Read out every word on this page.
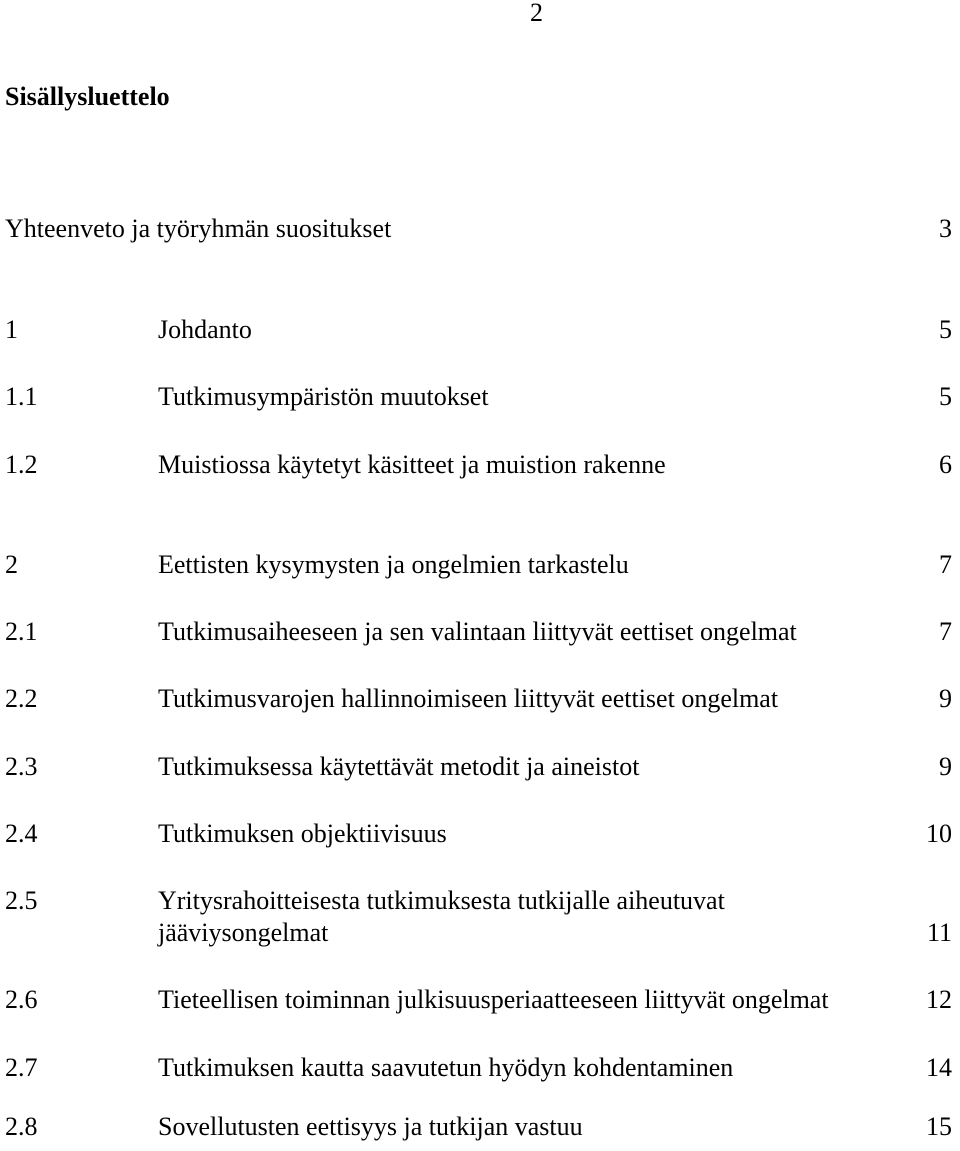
2
Sisällysluettelo
Yhteenveto ja työryhmän suositukset	3
1	Johdanto	5
1.1	Tutkimusympäristön muutokset	5
1.2	Muistiossa käytetyt käsitteet ja muistion rakenne	6
2	Eettisten kysymysten ja ongelmien tarkastelu	7
2.1	Tutkimusaiheeseen ja sen valintaan liittyvät eettiset ongelmat	7
2.2	Tutkimusvarojen hallinnoimiseen liittyvät eettiset ongelmat	9
2.3	Tutkimuksessa käytettävät metodit ja aineistot	9
2.4	Tutkimuksen objektiivisuus	10
2.5	Yritysrahoitteisesta tutkimuksesta tutkijalle aiheutuvat
jääviysongelmat	11
2.6	Tieteellisen toiminnan julkisuusperiaatteeseen liittyvät ongelmat	12
2.7	Tutkimuksen kautta saavutetun hyödyn kohdentaminen	14
2.8	Sovellutusten eettisyys ja tutkijan vastuu	15
